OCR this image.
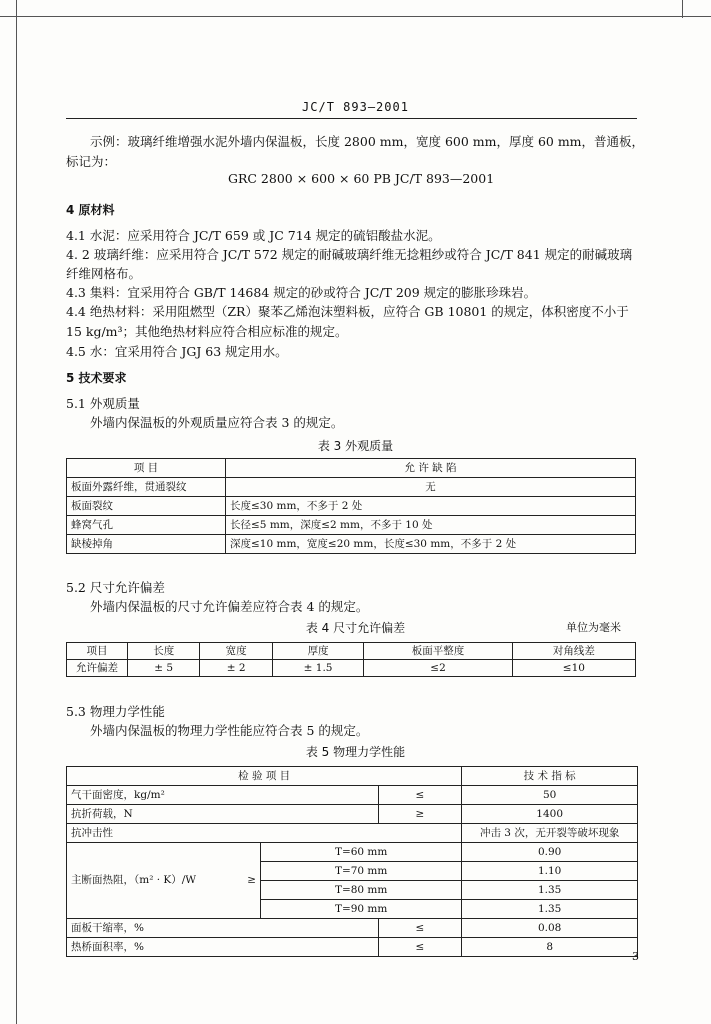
JC/T 893—2001
示例：玻璃纤维增强水泥外墙内保温板，长度 2800 mm，宽度 600 mm，厚度 60 mm，普通板，
标记为：
GRC 2800 × 600 × 60 PB JC/T 893—2001
4 原材料
4.1 水泥：应采用符合 JC/T 659 或 JC 714 规定的硫铝酸盐水泥。
4. 2 玻璃纤维：应采用符合 JC/T 572 规定的耐碱玻璃纤维无捻粗纱或符合 JC/T 841 规定的耐碱玻璃
纤维网格布。
4.3 集料：宜采用符合 GB/T 14684 规定的砂或符合 JC/T 209 规定的膨胀珍珠岩。
4.4 绝热材料：采用阻燃型（ZR）聚苯乙烯泡沫塑料板，应符合 GB 10801 的规定，体积密度不小于
15 kg/m³；其他绝热材料应符合相应标准的规定。
4.5 水：宜采用符合 JGJ 63 规定用水。
5 技术要求
5.1 外观质量
外墙内保温板的外观质量应符合表 3 的规定。
表 3 外观质量
项 目	允 许 缺 陷
板面外露纤维，贯通裂纹	无
板面裂纹	长度≤30 mm，不多于 2 处
蜂窝气孔	长径≤5 mm，深度≤2 mm，不多于 10 处
缺棱掉角	深度≤10 mm，宽度≤20 mm，长度≤30 mm，不多于 2 处
5.2 尺寸允许偏差
外墙内保温板的尺寸允许偏差应符合表 4 的规定。
表 4 尺寸允许偏差	单位为毫米
项目	长度	宽度	厚度	板面平整度	对角线差
允许偏差	± 5	± 2	± 1.5	≤2	≤10
5.3 物理力学性能
外墙内保温板的物理力学性能应符合表 5 的规定。
表 5 物理力学性能
检 验 项 目			技 术 指 标
气干面密度，kg/m²		≤	50
抗折荷载，N		≥	1400
抗冲击性			冲击 3 次，无开裂等破坏现象
主断面热阻，（m² · K）/W ≥	T=60 mm		0.90
	T=70 mm		1.10
	T=80 mm		1.35
	T=90 mm		1.35
面板干缩率，%		≤	0.08
热桥面积率，%		≤	8
3
